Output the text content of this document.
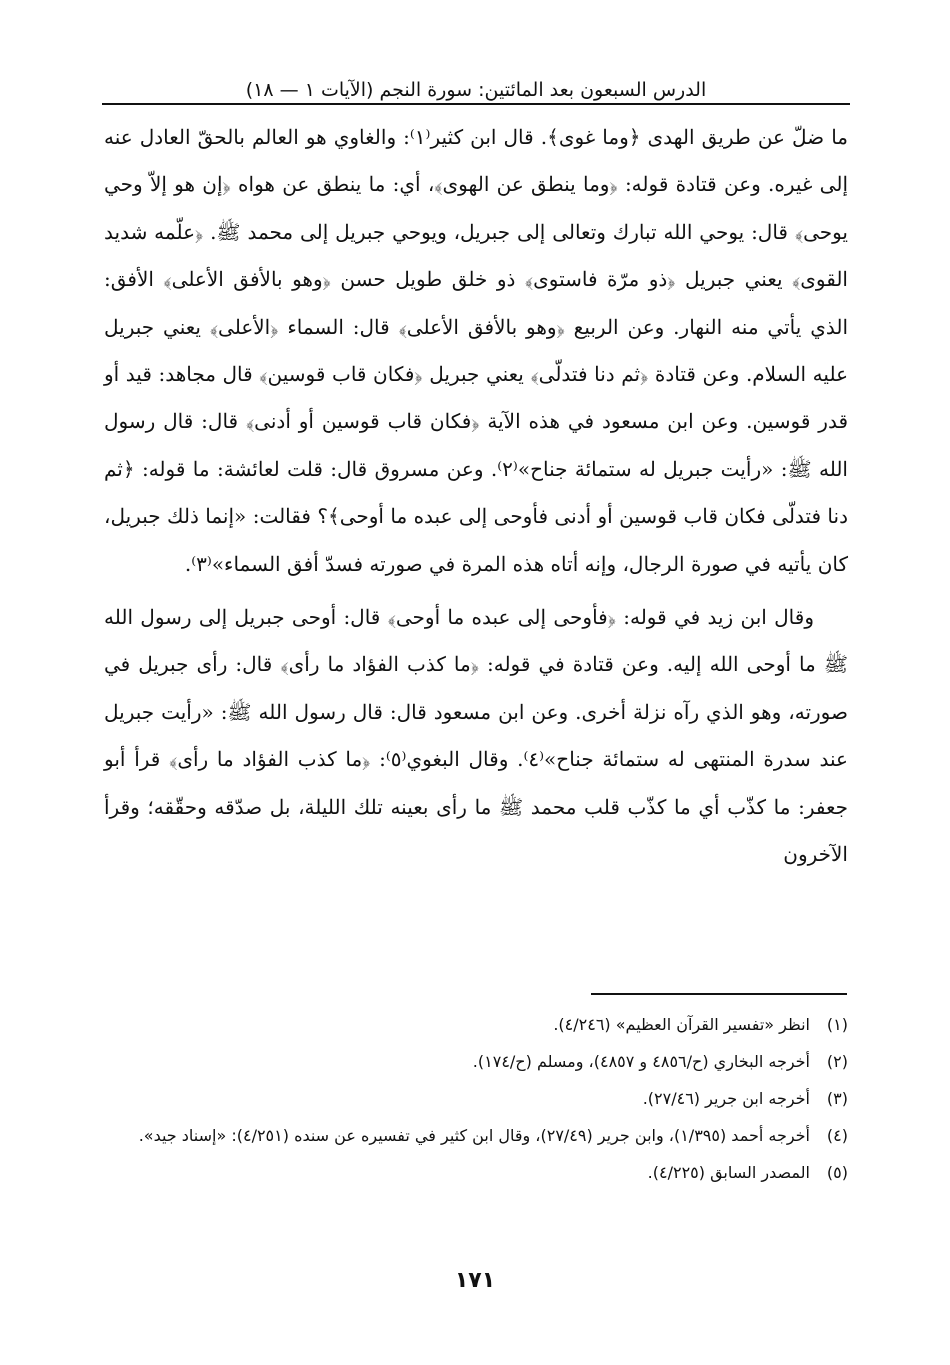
الدرس السبعون بعد المائتين: سورة النجم (الآيات ١ — ١٨)

ما ضلّ عن طريق الهدى ﴿وما غوى﴾. قال ابن كثير⁽١⁾: والغاوي هو العالم بالحقّ العادل عنه إلى غيره. وعن قتادة قوله: ﴿وما ينطق عن الهوى﴾، أي: ما ينطق عن هواه ﴿إن هو إلاّ وحي يوحى﴾ قال: يوحي الله تبارك وتعالى إلى جبريل، ويوحي جبريل إلى محمد ﷺ. ﴿علّمه شديد القوى﴾ يعني جبريل ﴿ذو مرّة فاستوى﴾ ذو خلق طويل حسن ﴿وهو بالأفق الأعلى﴾ الأفق: الذي يأتي منه النهار. وعن الربيع ﴿وهو بالأفق الأعلى﴾ قال: السماء ﴿الأعلى﴾ يعني جبريل عليه السلام. وعن قتادة ﴿ثم دنا فتدلّى﴾ يعني جبريل ﴿فكان قاب قوسين﴾ قال مجاهد: قيد أو قدر قوسين. وعن ابن مسعود في هذه الآية ﴿فكان قاب قوسين أو أدنى﴾ قال: قال رسول الله ﷺ: «رأيت جبريل له ستمائة جناح»⁽٢⁾. وعن مسروق قال: قلت لعائشة: ما قوله: ﴿ثم دنا فتدلّى فكان قاب قوسين أو أدنى فأوحى إلى عبده ما أوحى﴾؟ فقالت: «إنما ذلك جبريل، كان يأتيه في صورة الرجال، وإنه أتاه هذه المرة في صورته فسدّ أفق السماء»⁽٣⁾.

وقال ابن زيد في قوله: ﴿فأوحى إلى عبده ما أوحى﴾ قال: أوحى جبريل إلى رسول الله ﷺ ما أوحى الله إليه. وعن قتادة في قوله: ﴿ما كذب الفؤاد ما رأى﴾ قال: رأى جبريل في صورته، وهو الذي رآه نزلة أخرى. وعن ابن مسعود قال: قال رسول الله ﷺ: «رأيت جبريل عند سدرة المنتهى له ستمائة جناح»⁽٤⁾. وقال البغوي⁽٥⁾: ﴿ما كذب الفؤاد ما رأى﴾ قرأ أبو جعفر: ما كذّب أي ما كذّب قلب محمد ﷺ ما رأى بعينه تلك الليلة، بل صدّقه وحقّقه؛ وقرأ الآخرون

(١)
انظر «تفسير القرآن العظيم» (٤/٢٤٦).
(٢)
أخرجه البخاري (ح/٤٨٥٦ و ٤٨٥٧)، ومسلم (ح/١٧٤).
(٣)
أخرجه ابن جرير (٢٧/٤٦).
(٤)
أخرجه أحمد (١/٣٩٥)، وابن جرير (٢٧/٤٩)، وقال ابن كثير في تفسيره عن سنده (٤/٢٥١): «إسناد جيد».
(٥)
المصدر السابق (٤/٢٢٥).
١٧١
